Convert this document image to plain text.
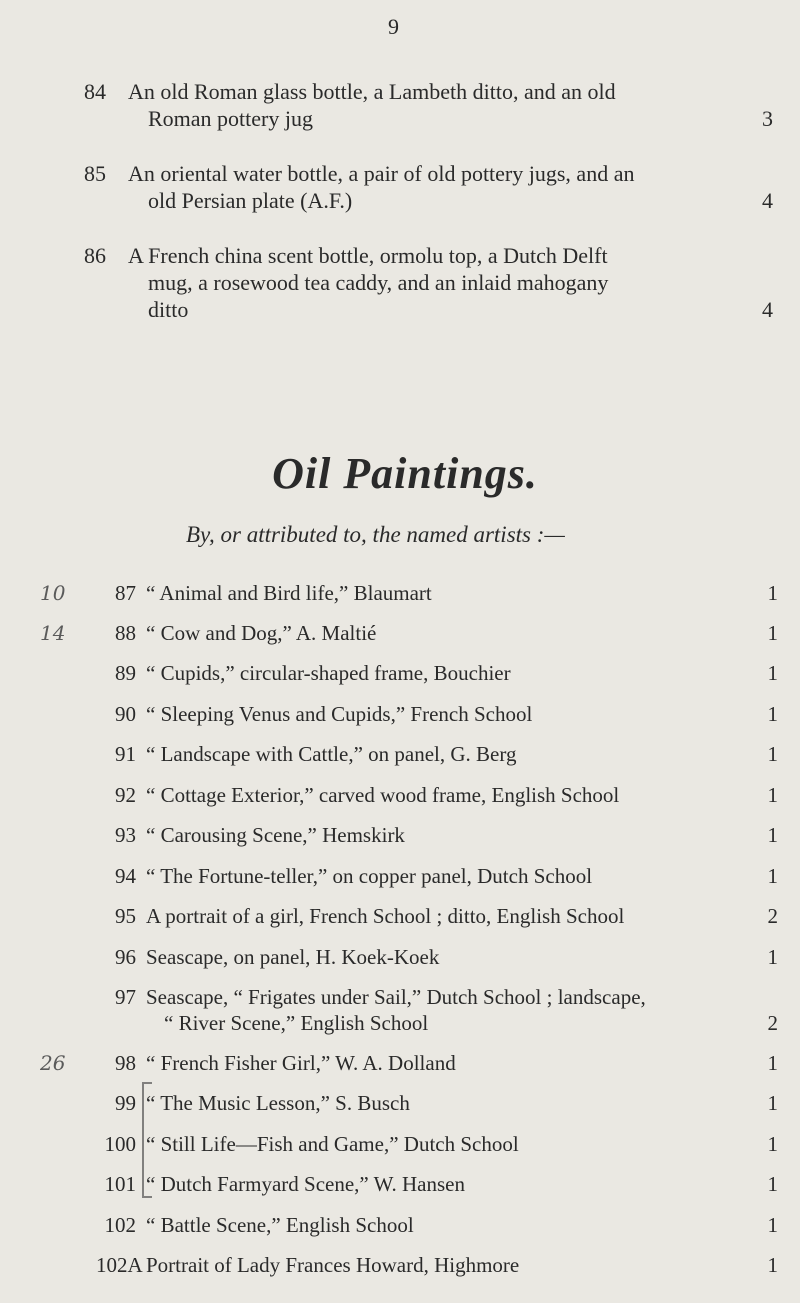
9
84	An old Roman glass bottle, a Lambeth ditto, and an old
Roman pottery jug	3
85	An oriental water bottle, a pair of old pottery jugs, and an
old Persian plate (A.F.)	4
86	A French china scent bottle, ormolu top, a Dutch Delft
mug, a rosewood tea caddy, and an inlaid mahogany
ditto	4
Oil Paintings.
By, or attributed to, the named artists :—
10	87 “ Animal and Bird life,” Blaumart	1
14	88 “ Cow and Dog,” A. Maltié	1
89 “ Cupids,” circular-shaped frame, Bouchier	1
90 “ Sleeping Venus and Cupids,” French School	1
91 “ Landscape with Cattle,” on panel, G. Berg	1
92 “ Cottage Exterior,” carved wood frame, English School	1
93 “ Carousing Scene,” Hemskirk	1
94 “ The Fortune-teller,” on copper panel, Dutch School	1
95 A portrait of a girl, French School ; ditto, English School	2
96 Seascape, on panel, H. Koek-Koek	1
97 Seascape, “ Frigates under Sail,” Dutch School ; landscape,
“ River Scene,” English School	2
26	98 “ French Fisher Girl,” W. A. Dolland	1
99 “ The Music Lesson,” S. Busch	1
100 “ Still Life—Fish and Game,” Dutch School	1
101 “ Dutch Farmyard Scene,” W. Hansen	1
102 “ Battle Scene,” English School	1
102A Portrait of Lady Frances Howard, Highmore	1
